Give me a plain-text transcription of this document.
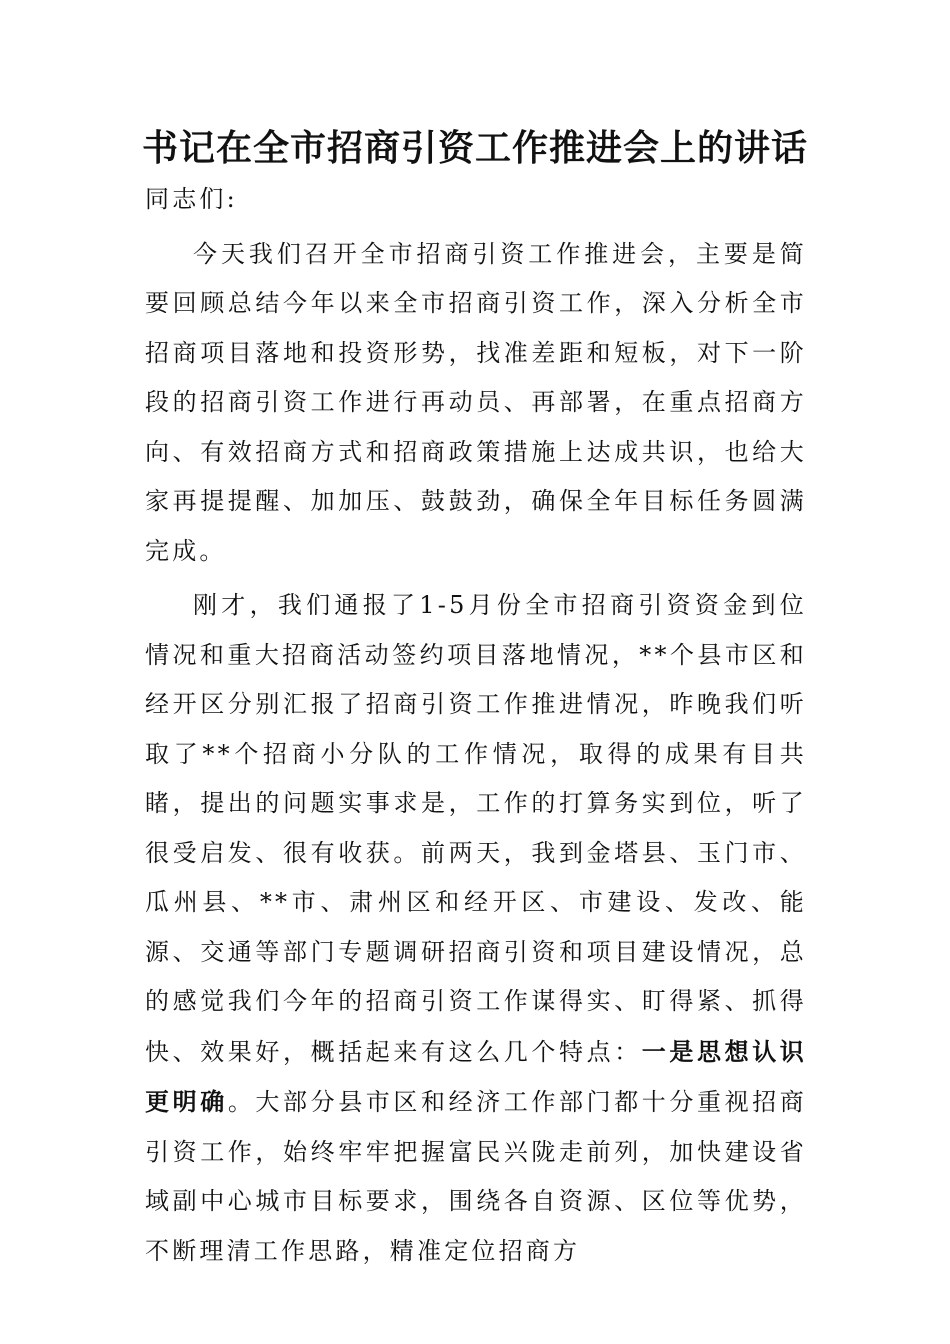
书记在全市招商引资工作推进会上的讲话

同志们:

今天我们召开全市招商引资工作推进会，主要是简要回顾总结今年以来全市招商引资工作，深入分析全市招商项目落地和投资形势，找准差距和短板，对下一阶段的招商引资工作进行再动员、再部署，在重点招商方向、有效招商方式和招商政策措施上达成共识，也给大家再提提醒、加加压、鼓鼓劲，确保全年目标任务圆满完成。

刚才，我们通报了1-5月份全市招商引资资金到位情况和重大招商活动签约项目落地情况，**个县市区和经开区分别汇报了招商引资工作推进情况，昨晚我们听取了**个招商小分队的工作情况，取得的成果有目共睹，提出的问题实事求是，工作的打算务实到位，听了很受启发、很有收获。前两天，我到金塔县、玉门市、瓜州县、**市、肃州区和经开区、市建设、发改、能源、交通等部门专题调研招商引资和项目建设情况，总的感觉我们今年的招商引资工作谋得实、盯得紧、抓得快、效果好，概括起来有这么几个特点：一是思想认识更明确。大部分县市区和经济工作部门都十分重视招商引资工作，始终牢牢把握富民兴陇走前列，加快建设省域副中心城市目标要求，围绕各自资源、区位等优势，不断理清工作思路，精准定位招商方
